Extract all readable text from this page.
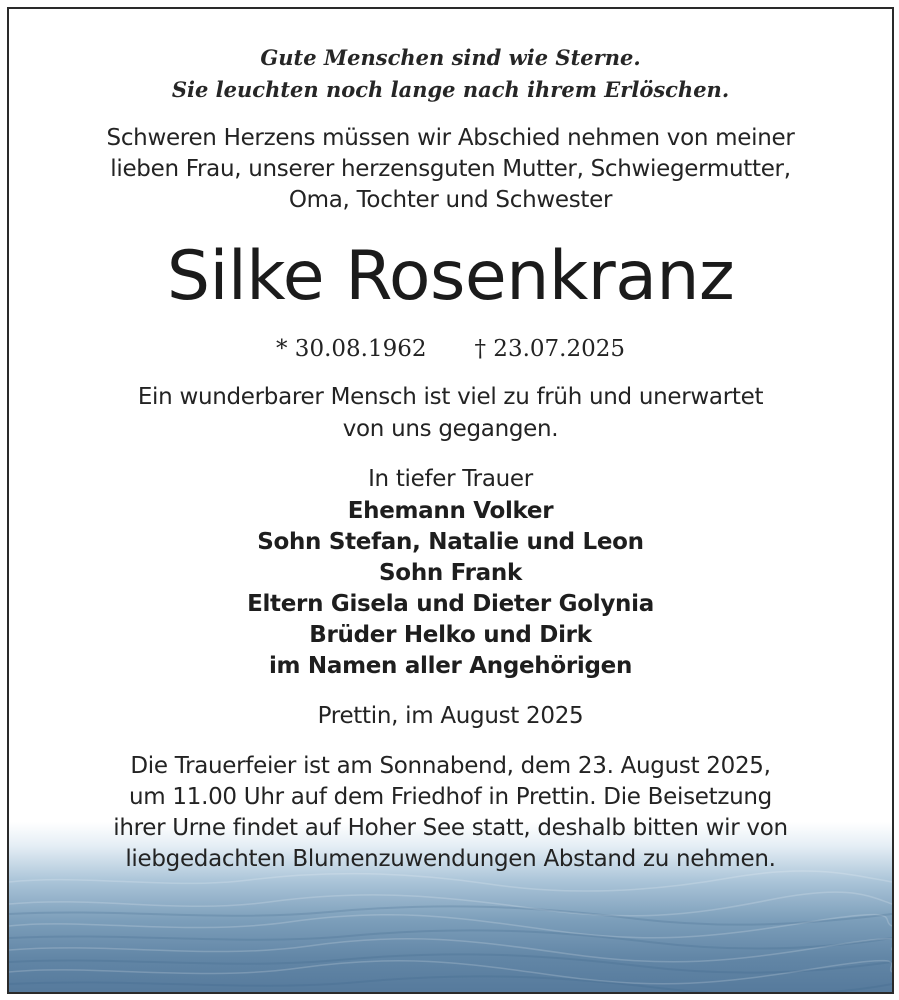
Gute Menschen sind wie Sterne.
Sie leuchten noch lange nach ihrem Erlöschen.
Schweren Herzens müssen wir Abschied nehmen von meiner
lieben Frau, unserer herzensguten Mutter, Schwiegermutter,
Oma, Tochter und Schwester
Silke Rosenkranz
* 30.08.1962 † 23.07.2025
Ein wunderbarer Mensch ist viel zu früh und unerwartet
von uns gegangen.
In tiefer Trauer
Ehemann Volker
Sohn Stefan, Natalie und Leon
Sohn Frank
Eltern Gisela und Dieter Golynia
Brüder Helko und Dirk
im Namen aller Angehörigen
Prettin, im August 2025
Die Trauerfeier ist am Sonnabend, dem 23. August 2025,
um 11.00 Uhr auf dem Friedhof in Prettin. Die Beisetzung
ihrer Urne findet auf Hoher See statt, deshalb bitten wir von
liebgedachten Blumenzuwendungen Abstand zu nehmen.
